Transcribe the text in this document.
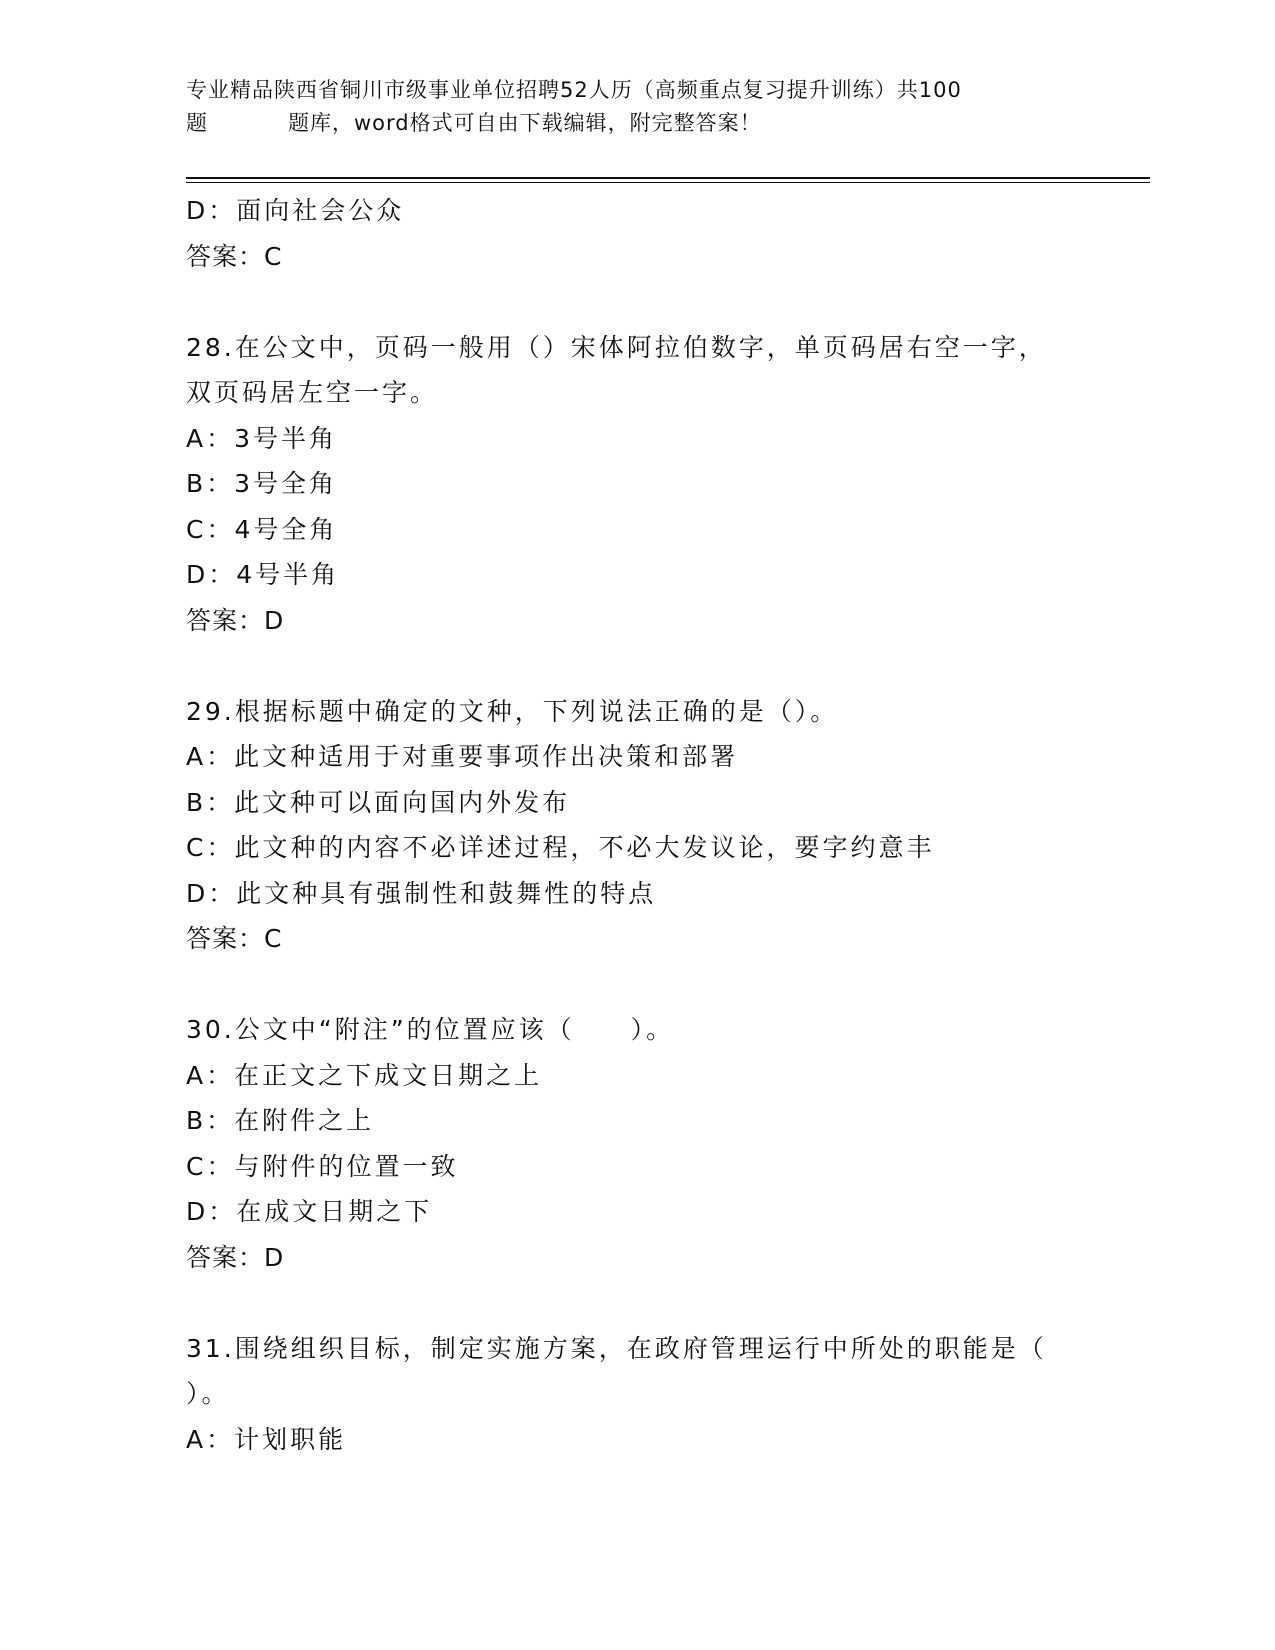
专业精品陕西省铜川市级事业单位招聘52人历（高频重点复习提升训练）共100
题	题库，word格式可自由下载编辑，附完整答案！
D：面向社会公众
答案：C
28.在公文中，页码一般用（）宋体阿拉伯数字，单页码居右空一字，
双页码居左空一字。
A：3号半角
B：3号全角
C：4号全角
D：4号半角
答案：D
29.根据标题中确定的文种，下列说法正确的是（）。
A：此文种适用于对重要事项作出决策和部署
B：此文种可以面向国内外发布
C：此文种的内容不必详述过程，不必大发议论，要字约意丰
D：此文种具有强制性和鼓舞性的特点
答案：C
30.公文中“附注”的位置应该（　　）。
A：在正文之下成文日期之上
B：在附件之上
C：与附件的位置一致
D：在成文日期之下
答案：D
31.围绕组织目标，制定实施方案，在政府管理运行中所处的职能是（
）。
A：计划职能
